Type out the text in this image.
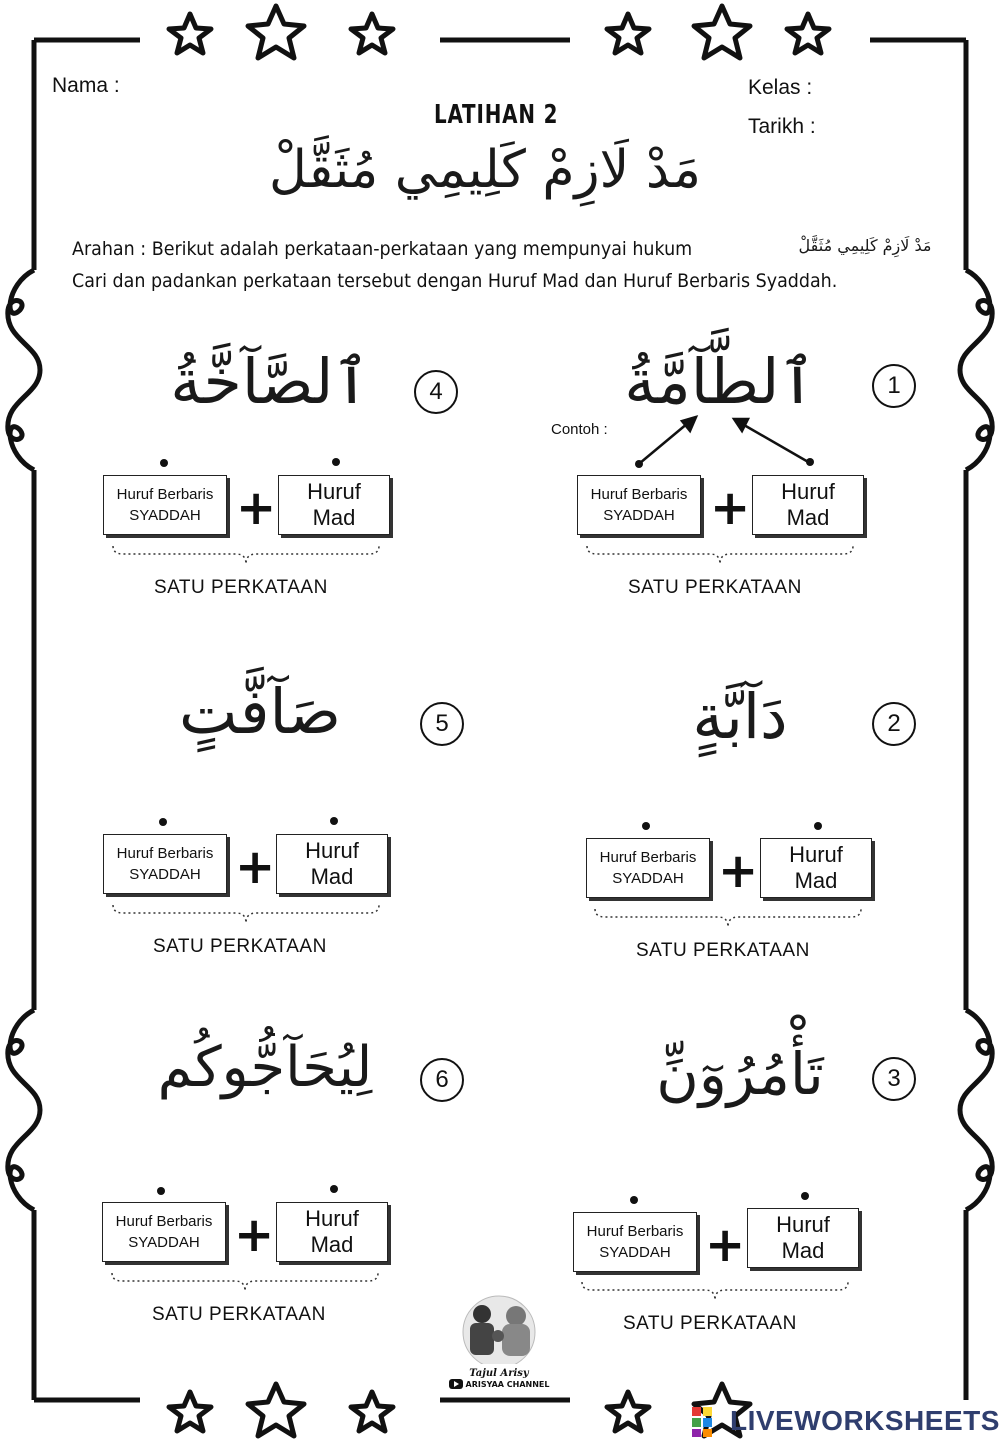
Nama :	Kelas :
Tarikh :
LATIHAN 2
مَدْ لَازِمْ كَلِيمِي مُثَقَّلْ
Arahan : Berikut adalah perkataan-perkataan yang mempunyai hukum	مَدْ لَازِمْ كَلِيمِي مُثَقَّلْ
Cari dan padankan perkataan tersebut dengan Huruf Mad dan Huruf Berbaris Syaddah.
ٱلطَّآمَّةُ	1
Contoh :
Huruf Berbaris
SYADDAH + Huruf
Mad
SATU PERKATAAN
ٱلصَّآخَّةُ	4
Huruf Berbaris
SYADDAH + Huruf
Mad
SATU PERKATAAN
دَآبَّةٍ	2
Huruf Berbaris
SYADDAH + Huruf
Mad
SATU PERKATAAN
صَآفَّتٍ	5
Huruf Berbaris
SYADDAH + Huruf
Mad
SATU PERKATAAN
تَأْمُرُوٓنِّ	3
Huruf Berbaris
SYADDAH + Huruf
Mad
SATU PERKATAAN
لِيُحَآجُّوكُم	6
Huruf Berbaris
SYADDAH + Huruf
Mad
SATU PERKATAAN
Tajul Arisy
ARISYAA CHANNEL
LIVEWORKSHEETS
